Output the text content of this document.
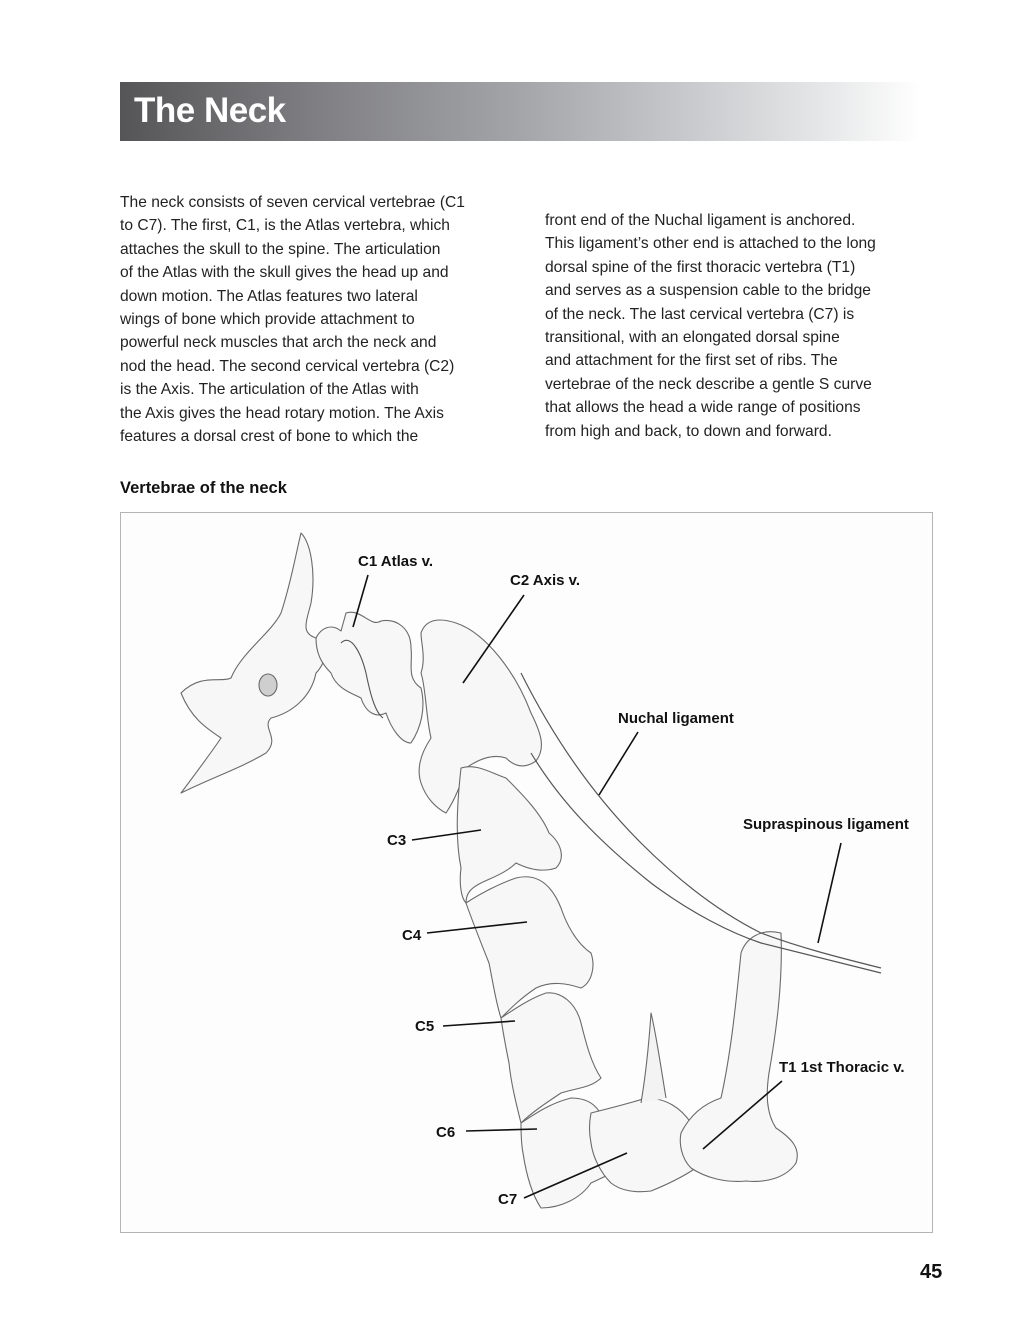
The Neck
The neck consists of seven cervical vertebrae (C1
to C7). The first, C1, is the Atlas vertebra, which
attaches the skull to the spine. The articulation
of the Atlas with the skull gives the head up and
down motion. The Atlas features two lateral
wings of bone which provide attachment to
powerful neck muscles that arch the neck and
nod the head. The second cervical vertebra (C2)
is the Axis. The articulation of the Atlas with
the Axis gives the head rotary motion. The Axis
features a dorsal crest of bone to which the
front end of the Nuchal ligament is anchored.
This ligament’s other end is attached to the long
dorsal spine of the first thoracic vertebra (T1)
and serves as a suspension cable to the bridge
of the neck. The last cervical vertebra (C7) is
transitional, with an elongated dorsal spine
and attachment for the first set of ribs. The
vertebrae of the neck describe a gentle S curve
that allows the head a wide range of positions
from high and back, to down and forward.
Vertebrae of the neck
C1 Atlas v.
C2 Axis v.
Nuchal ligament
Supraspinous ligament
C3
C4
C5
C6
C7
T1 1st Thoracic v.
45
